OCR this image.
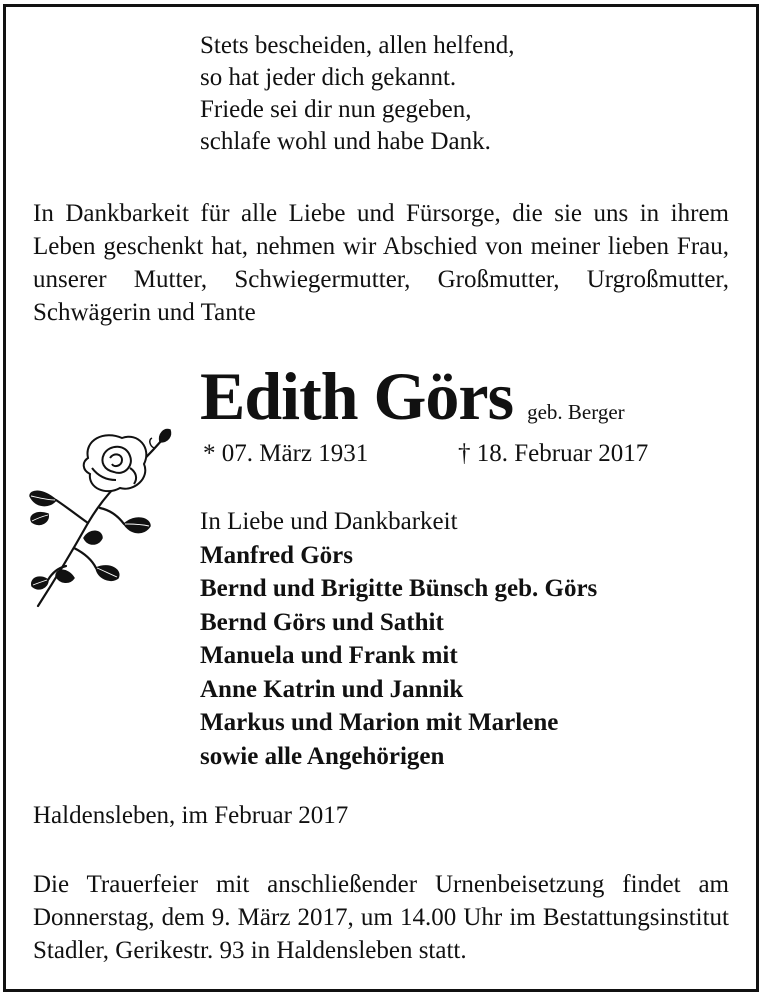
Stets bescheiden, allen helfend,
so hat jeder dich gekannt.
Friede sei dir nun gegeben,
schlafe wohl und habe Dank.
In Dankbarkeit für alle Liebe und Fürsorge, die sie uns in ihrem Leben geschenkt hat, nehmen wir Abschied von meiner lieben Frau, unserer Mutter, Schwiegermutter, Großmutter, Urgroßmutter, Schwägerin und Tante
Edith Görs geb. Berger
* 07. März 1931	† 18. Februar 2017
In Liebe und Dankbarkeit
Manfred Görs
Bernd und Brigitte Bünsch geb. Görs
Bernd Görs und Sathit
Manuela und Frank mit
Anne Katrin und Jannik
Markus und Marion mit Marlene
sowie alle Angehörigen
Haldensleben, im Februar 2017
Die Trauerfeier mit anschließender Urnenbeisetzung findet am Donnerstag, dem 9. März 2017, um 14.00 Uhr im Bestattungsinstitut Stadler, Gerikestr. 93 in Haldensleben statt.
